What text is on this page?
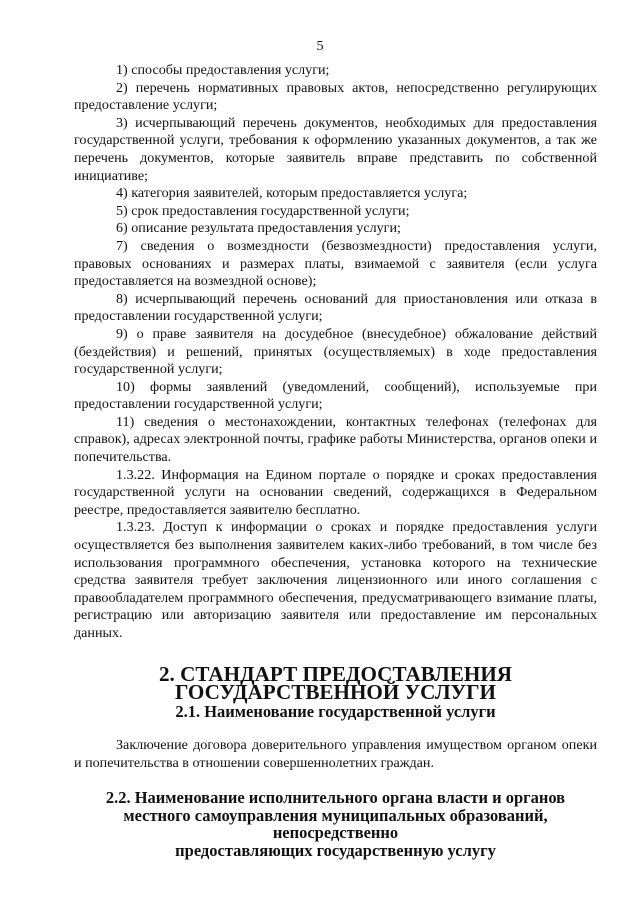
5

1) способы предоставления услуги;

2) перечень нормативных правовых актов, непосредственно регулирующих предоставление услуги;

3) исчерпывающий перечень документов, необходимых для предоставления государственной услуги, требования к оформлению указанных документов, а так же перечень документов, которые заявитель вправе представить по собственной инициативе;

4) категория заявителей, которым предоставляется услуга;

5) срок предоставления государственной услуги;

6) описание результата предоставления услуги;

7) сведения о возмездности (безвозмездности) предоставления услуги, правовых основаниях и размерах платы, взимаемой с заявителя (если услуга предоставляется на возмездной основе);

8) исчерпывающий перечень оснований для приостановления или отказа в предоставлении государственной услуги;

9) о праве заявителя на досудебное (внесудебное) обжалование действий (бездействия) и решений, принятых (осуществляемых) в ходе предоставления государственной услуги;

10) формы заявлений (уведомлений, сообщений), используемые при предоставлении государственной услуги;

11) сведения о местонахождении, контактных телефонах (телефонах для справок), адресах электронной почты, графике работы Министерства, органов опеки и попечительства.

1.3.22. Информация на Едином портале о порядке и сроках предоставления государственной услуги на основании сведений, содержащихся в Федеральном реестре, предоставляется заявителю бесплатно.

1.3.23. Доступ к информации о сроках и порядке предоставления услуги осуществляется без выполнения заявителем каких-либо требований, в том числе без использования программного обеспечения, установка которого на технические средства заявителя требует заключения лицензионного или иного соглашения с правообладателем программного обеспечения, предусматривающего взимание платы, регистрацию или авторизацию заявителя или предоставление им персональных данных.

2. СТАНДАРТ ПРЕДОСТАВЛЕНИЯ ГОСУДАРСТВЕННОЙ УСЛУГИ
2.1. Наименование государственной услуги

Заключение договора доверительного управления имуществом органом опеки и попечительства в отношении совершеннолетних граждан.

2.2. Наименование исполнительного органа власти и органов
местного самоуправления муниципальных образований, непосредственно
предоставляющих государственную услугу
